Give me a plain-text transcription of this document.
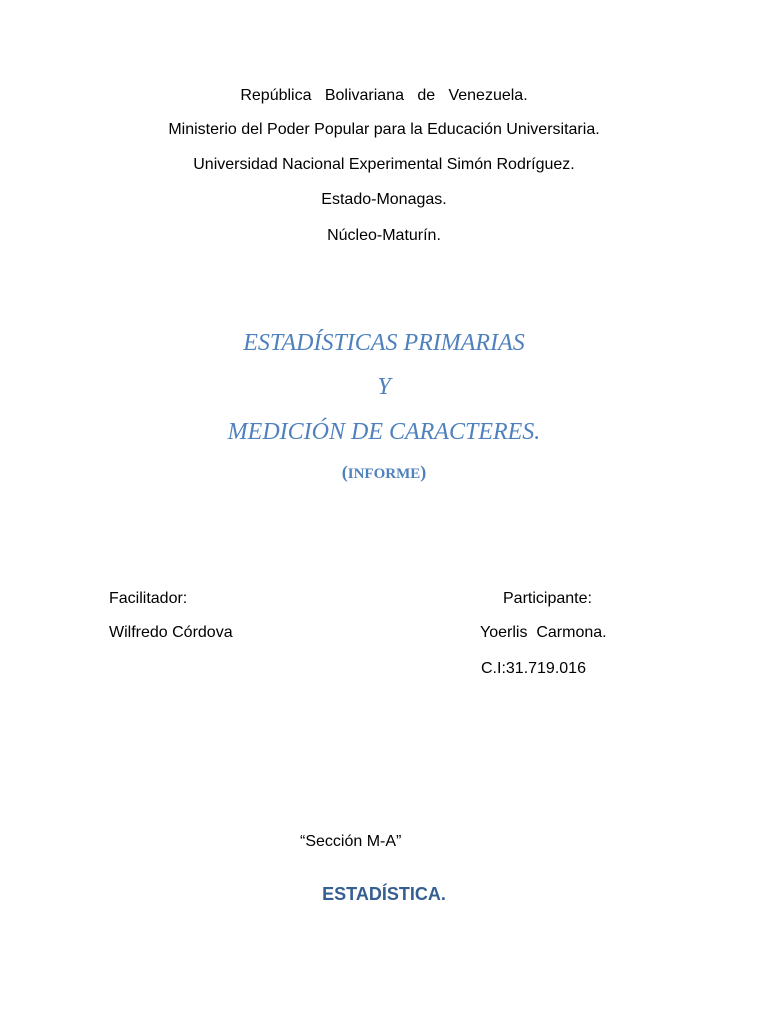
República   Bolivariana   de   Venezuela.
Ministerio del Poder Popular para la Educación Universitaria.
Universidad Nacional Experimental Simón Rodríguez.
Estado-Monagas.
Núcleo-Maturín.
ESTADÍSTICAS PRIMARIAS
Y
MEDICIÓN DE CARACTERES.
(INFORME)
Facilitador:
Wilfredo Córdova
Participante:
Yoerlis  Carmona.
C.I:31.719.016
“Sección M-A”
ESTADÍSTICA.
